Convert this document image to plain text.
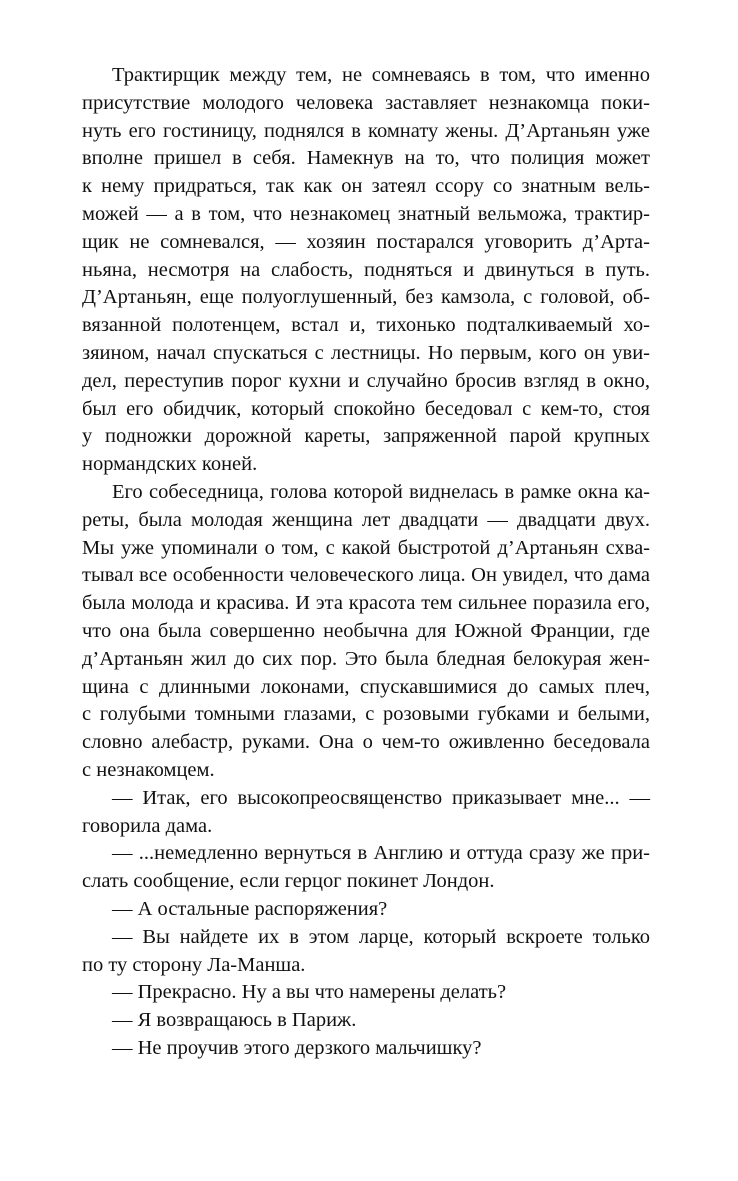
Трактирщик между тем, не сомневаясь в том, что именно
присутствие молодого человека заставляет незнакомца поки-
нуть его гостиницу, поднялся в комнату жены. Д’Артаньян уже
вполне пришел в себя. Намекнув на то, что полиция может
к нему придраться, так как он затеял ссору со знатным вель-
можей — а в том, что незнакомец знатный вельможа, трактир-
щик не сомневался, — хозяин постарался уговорить д’Арта-
ньяна, несмотря на слабость, подняться и двинуться в путь.
Д’Артаньян, еще полуоглушенный, без камзола, с головой, об-
вязанной полотенцем, встал и, тихонько подталкиваемый хо-
зяином, начал спускаться с лестницы. Но первым, кого он уви-
дел, переступив порог кухни и случайно бросив взгляд в окно,
был его обидчик, который спокойно беседовал с кем-то, стоя
у подножки дорожной кареты, запряженной парой крупных
нормандских коней.
Его собеседница, голова которой виднелась в рамке окна ка-
реты, была молодая женщина лет двадцати — двадцати двух.
Мы уже упоминали о том, с какой быстротой д’Артаньян схва-
тывал все особенности человеческого лица. Он увидел, что дама
была молода и красива. И эта красота тем сильнее поразила его,
что она была совершенно необычна для Южной Франции, где
д’Артаньян жил до сих пор. Это была бледная белокурая жен-
щина с длинными локонами, спускавшимися до самых плеч,
с голубыми томными глазами, с розовыми губками и белыми,
словно алебастр, руками. Она о чем-то оживленно беседовала
с незнакомцем.
— Итак, его высокопреосвященство приказывает мне... —
говорила дама.
— ...немедленно вернуться в Англию и оттуда сразу же при-
слать сообщение, если герцог покинет Лондон.
— А остальные распоряжения?
— Вы найдете их в этом ларце, который вскроете только
по ту сторону Ла-Манша.
— Прекрасно. Ну а вы что намерены делать?
— Я возвращаюсь в Париж.
— Не проучив этого дерзкого мальчишку?
